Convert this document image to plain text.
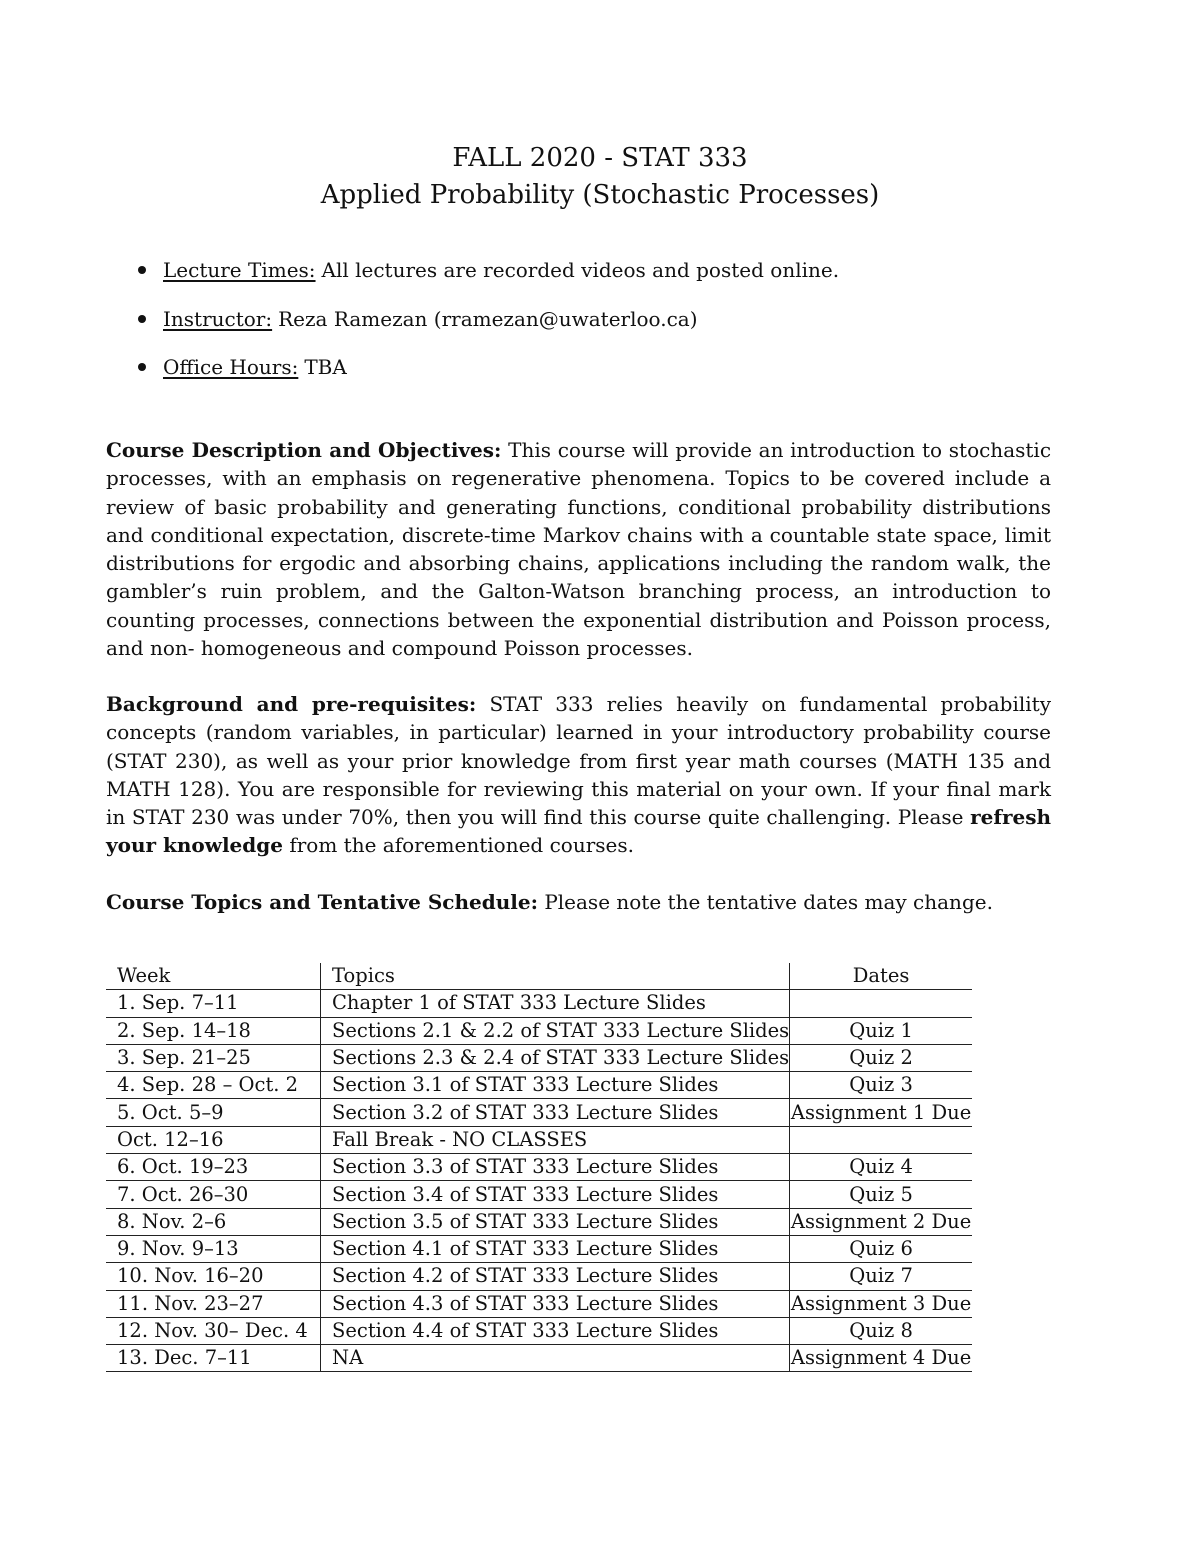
FALL 2020 - STAT 333
Applied Probability (Stochastic Processes)
Lecture Times: All lectures are recorded videos and posted online.
Instructor: Reza Ramezan (rramezan@uwaterloo.ca)
Office Hours: TBA

Course Description and Objectives: This course will provide an introduction to stochastic processes, with an emphasis on regenerative phenomena. Topics to be covered include a review of basic probability and generating functions, conditional probability distributions and conditional expectation, discrete-time Markov chains with a countable state space, limit distributions for ergodic and absorbing chains, applications including the random walk, the gambler’s ruin problem, and the Galton-Watson branching process, an introduction to counting processes, connections between the exponential distribution and Poisson process, and non- homogeneous and compound Poisson processes.

Background and pre-requisites: STAT 333 relies heavily on fundamental probability concepts (random variables, in particular) learned in your introductory probability course (STAT 230), as well as your prior knowledge from first year math courses (MATH 135 and MATH 128). You are responsible for reviewing this material on your own. If your final mark in STAT 230 was under 70%, then you will find this course quite challenging. Please refresh your knowledge from the aforementioned courses.

Course Topics and Tentative Schedule: Please note the tentative dates may change.

Week	Topics	Dates
1. Sep. 7–11	Chapter 1 of STAT 333 Lecture Slides	
2. Sep. 14–18	Sections 2.1 & 2.2 of STAT 333 Lecture Slides	Quiz 1
3. Sep. 21–25	Sections 2.3 & 2.4 of STAT 333 Lecture Slides	Quiz 2
4. Sep. 28 – Oct. 2	Section 3.1 of STAT 333 Lecture Slides	Quiz 3
5. Oct. 5–9	Section 3.2 of STAT 333 Lecture Slides	Assignment 1 Due
Oct. 12–16	Fall Break - NO CLASSES	
6. Oct. 19–23	Section 3.3 of STAT 333 Lecture Slides	Quiz 4
7. Oct. 26–30	Section 3.4 of STAT 333 Lecture Slides	Quiz 5
8. Nov. 2–6	Section 3.5 of STAT 333 Lecture Slides	Assignment 2 Due
9. Nov. 9–13	Section 4.1 of STAT 333 Lecture Slides	Quiz 6
10. Nov. 16–20	Section 4.2 of STAT 333 Lecture Slides	Quiz 7
11. Nov. 23–27	Section 4.3 of STAT 333 Lecture Slides	Assignment 3 Due
12. Nov. 30– Dec. 4	Section 4.4 of STAT 333 Lecture Slides	Quiz 8
13. Dec. 7–11	NA	Assignment 4 Due
